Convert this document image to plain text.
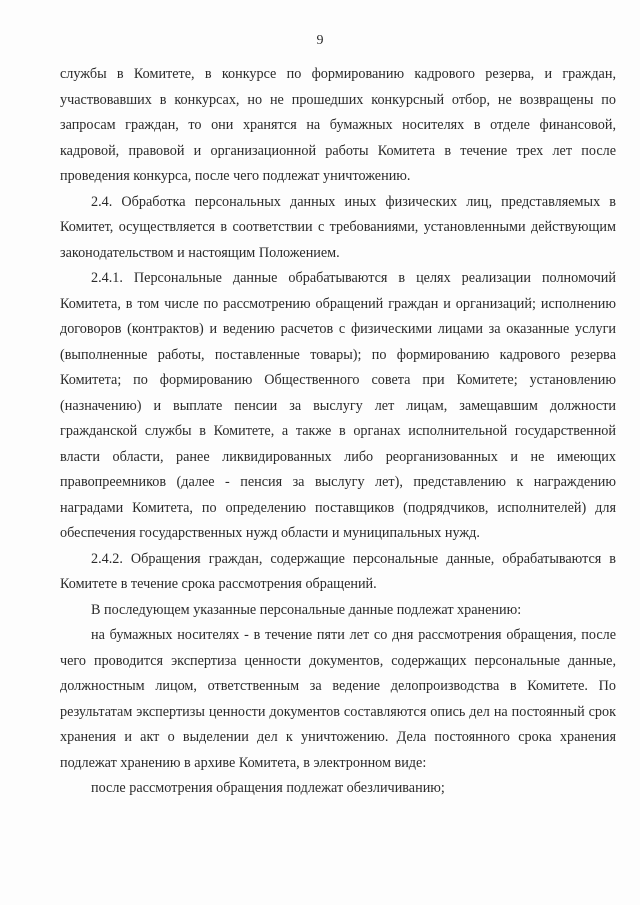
9

службы в Комитете, в конкурсе по формированию кадрового резерва, и граждан, участвовавших в конкурсах, но не прошедших конкурсный отбор, не возвращены по запросам граждан, то они хранятся на бумажных носителях в отделе финансовой, кадровой, правовой и организационной работы Комитета в течение трех лет после проведения конкурса, после чего подлежат уничтожению.

2.4. Обработка персональных данных иных физических лиц, представляемых в Комитет, осуществляется в соответствии с требованиями, установленными действующим законодательством и настоящим Положением.

2.4.1. Персональные данные обрабатываются в целях реализации полномочий Комитета, в том числе по рассмотрению обращений граждан и организаций; исполнению договоров (контрактов) и ведению расчетов с физическими лицами за оказанные услуги (выполненные работы, поставленные товары); по формированию кадрового резерва Комитета; по формированию Общественного совета при Комитете; установлению (назначению) и выплате пенсии за выслугу лет лицам, замещавшим должности гражданской службы в Комитете, а также в органах исполнительной государственной власти области, ранее ликвидированных либо реорганизованных и не имеющих правопреемников (далее - пенсия за выслугу лет), представлению к награждению наградами Комитета, по определению поставщиков (подрядчиков, исполнителей) для обеспечения государственных нужд области и муниципальных нужд.

2.4.2. Обращения граждан, содержащие персональные данные, обрабатываются в Комитете в течение срока рассмотрения обращений.

В последующем указанные персональные данные подлежат хранению:

на бумажных носителях - в течение пяти лет со дня рассмотрения обращения, после чего проводится экспертиза ценности документов, содержащих персональные данные, должностным лицом, ответственным за ведение делопроизводства в Комитете. По результатам экспертизы ценности документов составляются опись дел на постоянный срок хранения и акт о выделении дел к уничтожению. Дела постоянного срока хранения подлежат хранению в архиве Комитета, в электронном виде:

после рассмотрения обращения подлежат обезличиванию;
